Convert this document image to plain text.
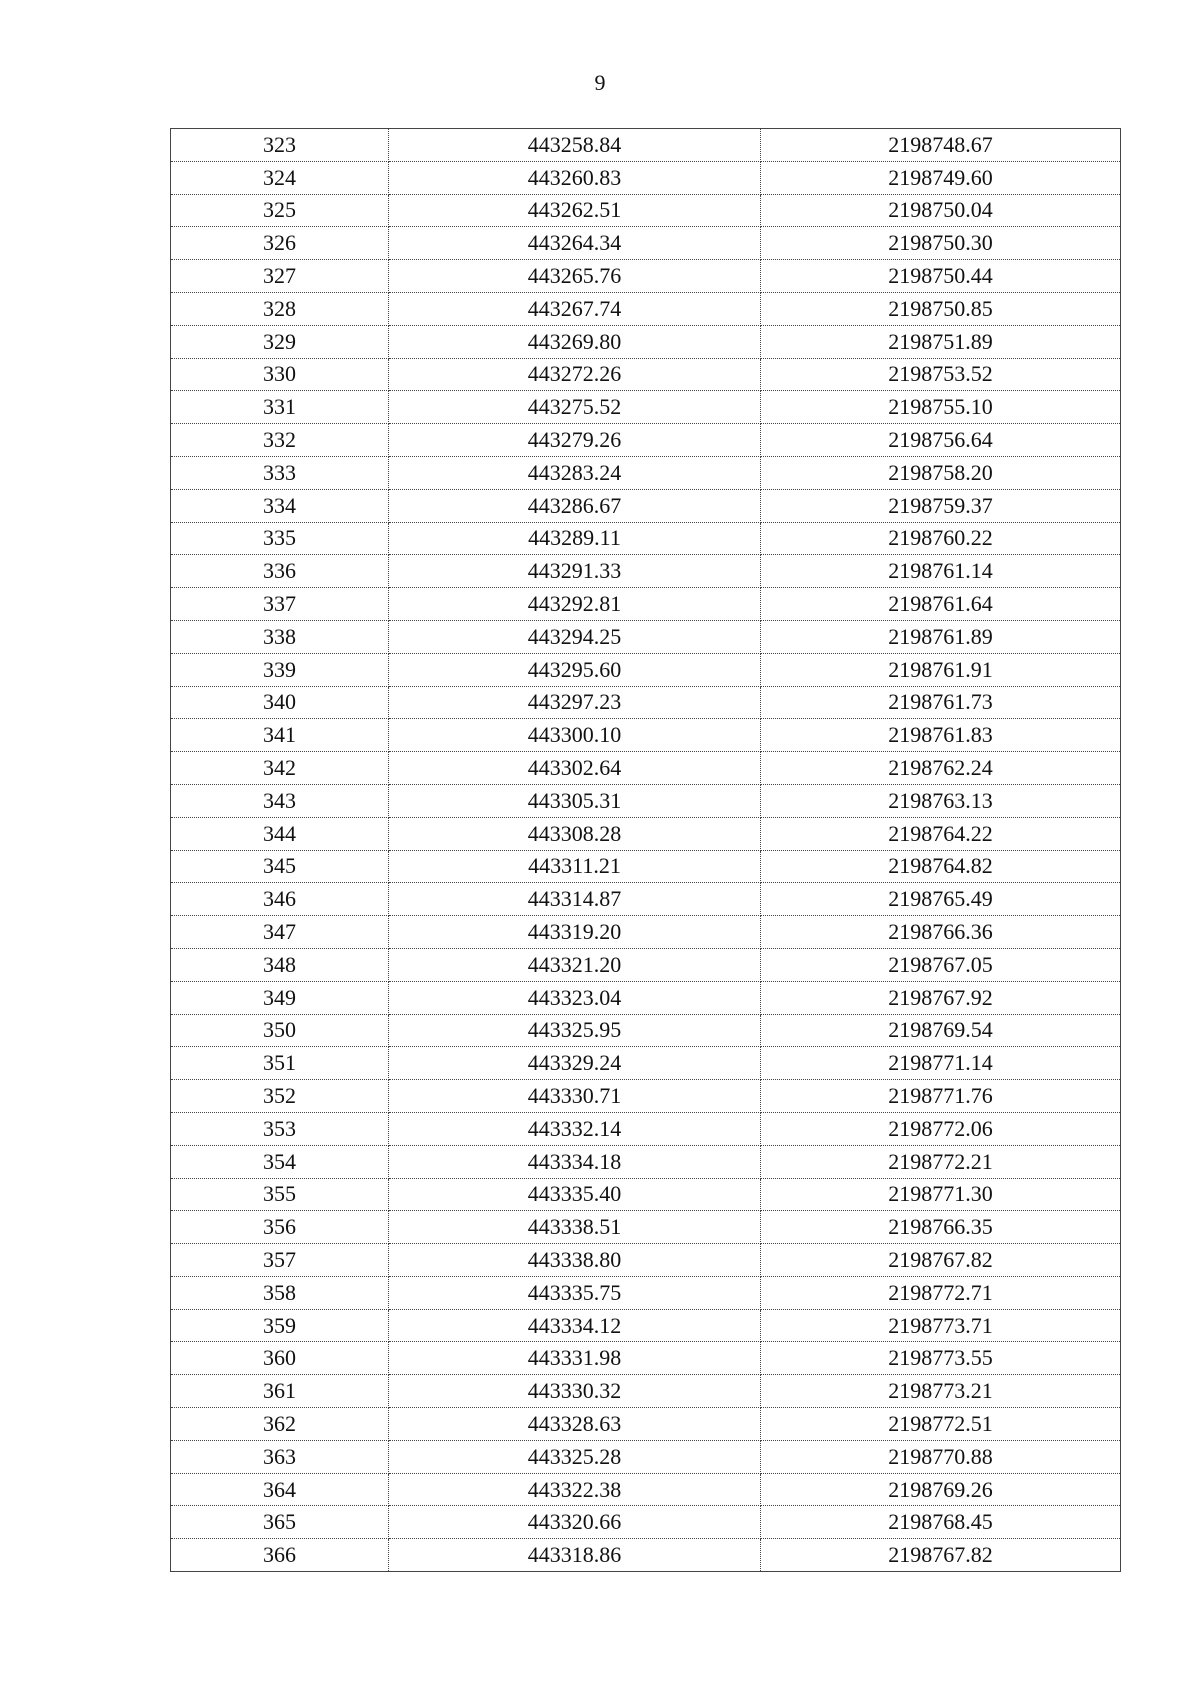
9
323	443258.84	2198748.67
324	443260.83	2198749.60
325	443262.51	2198750.04
326	443264.34	2198750.30
327	443265.76	2198750.44
328	443267.74	2198750.85
329	443269.80	2198751.89
330	443272.26	2198753.52
331	443275.52	2198755.10
332	443279.26	2198756.64
333	443283.24	2198758.20
334	443286.67	2198759.37
335	443289.11	2198760.22
336	443291.33	2198761.14
337	443292.81	2198761.64
338	443294.25	2198761.89
339	443295.60	2198761.91
340	443297.23	2198761.73
341	443300.10	2198761.83
342	443302.64	2198762.24
343	443305.31	2198763.13
344	443308.28	2198764.22
345	443311.21	2198764.82
346	443314.87	2198765.49
347	443319.20	2198766.36
348	443321.20	2198767.05
349	443323.04	2198767.92
350	443325.95	2198769.54
351	443329.24	2198771.14
352	443330.71	2198771.76
353	443332.14	2198772.06
354	443334.18	2198772.21
355	443335.40	2198771.30
356	443338.51	2198766.35
357	443338.80	2198767.82
358	443335.75	2198772.71
359	443334.12	2198773.71
360	443331.98	2198773.55
361	443330.32	2198773.21
362	443328.63	2198772.51
363	443325.28	2198770.88
364	443322.38	2198769.26
365	443320.66	2198768.45
366	443318.86	2198767.82
